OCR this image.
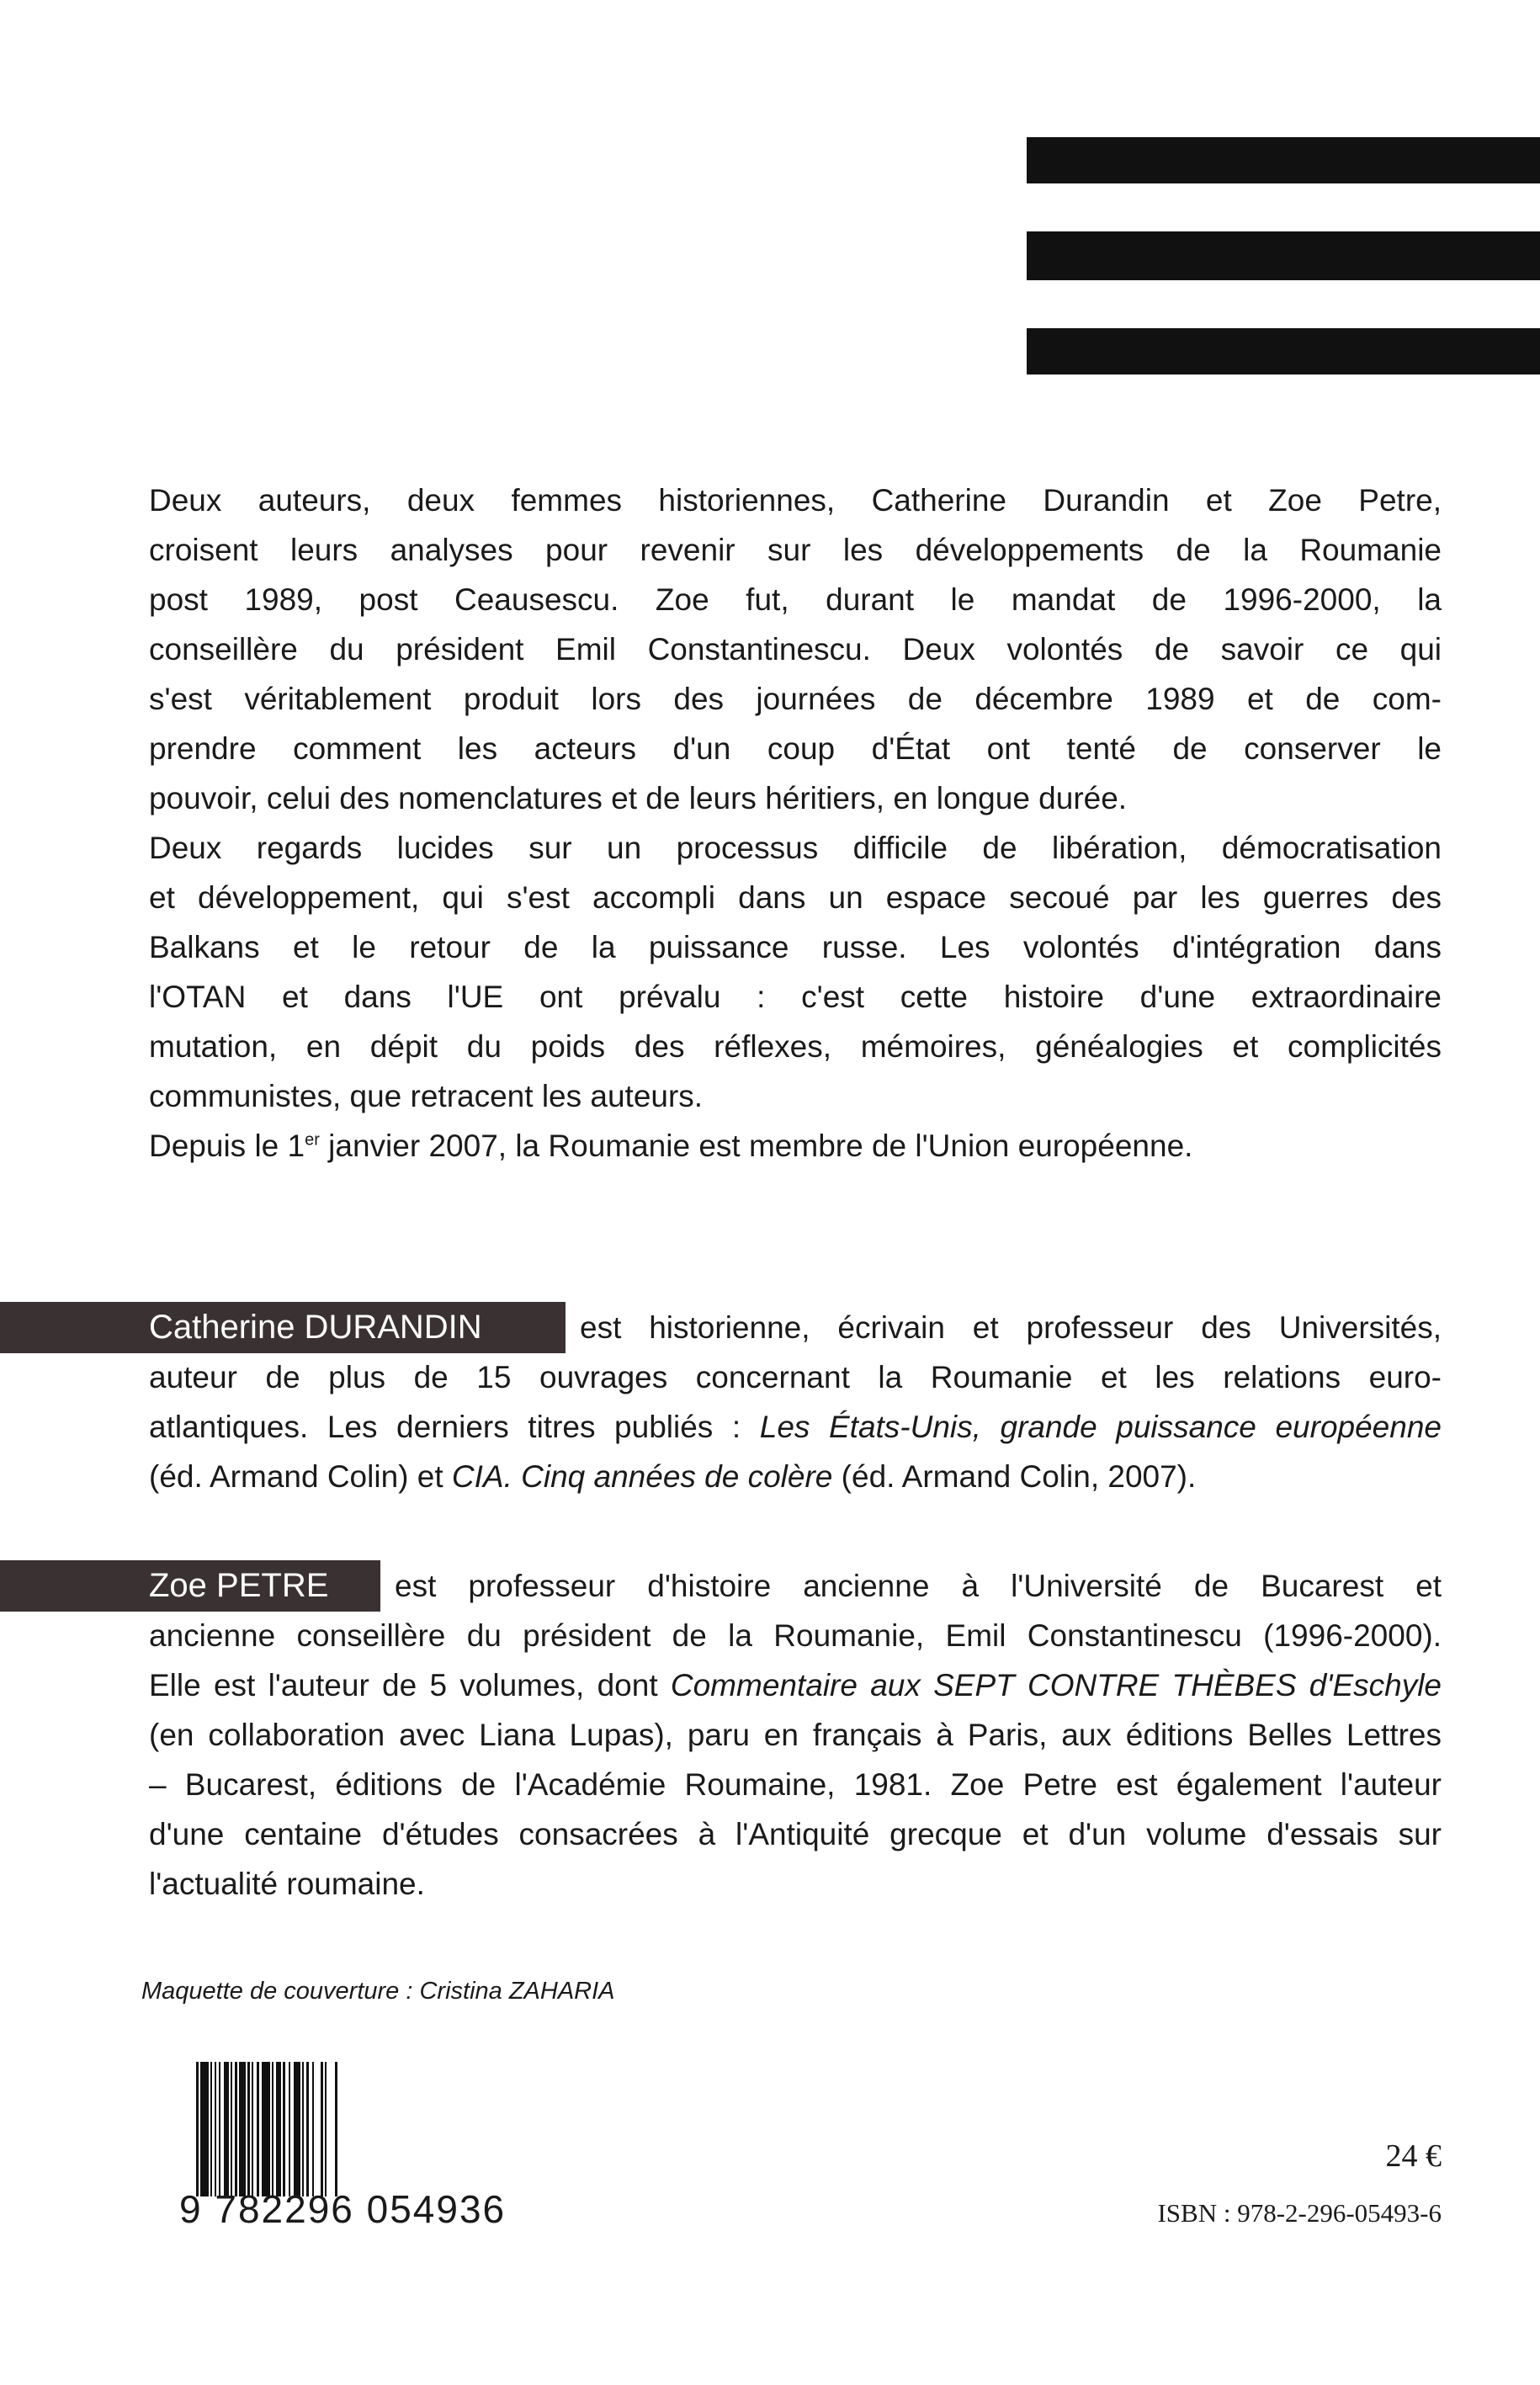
Deux auteurs, deux femmes historiennes, Catherine Durandin et Zoe Petre,
croisent leurs analyses pour revenir sur les développements de la Roumanie
post 1989, post Ceausescu. Zoe fut, durant le mandat de 1996-2000, la
conseillère du président Emil Constantinescu. Deux volontés de savoir ce qui
s'est véritablement produit lors des journées de décembre 1989 et de com-
prendre comment les acteurs d'un coup d'État ont tenté de conserver le
pouvoir, celui des nomenclatures et de leurs héritiers, en longue durée.
Deux regards lucides sur un processus difficile de libération, démocratisation
et développement, qui s'est accompli dans un espace secoué par les guerres des
Balkans et le retour de la puissance russe. Les volontés d'intégration dans
l'OTAN et dans l'UE ont prévalu : c'est cette histoire d'une extraordinaire
mutation, en dépit du poids des réflexes, mémoires, généalogies et complicités
communistes, que retracent les auteurs.
Depuis le 1er janvier 2007, la Roumanie est membre de l'Union européenne.
Catherine DURANDIN	est historienne, écrivain et professeur des Universités,
auteur de plus de 15 ouvrages concernant la Roumanie et les relations euro-
atlantiques. Les derniers titres publiés : Les États-Unis, grande puissance européenne
(éd. Armand Colin) et CIA. Cinq années de colère (éd. Armand Colin, 2007).
Zoe PETRE	est professeur d'histoire ancienne à l'Université de Bucarest et
ancienne conseillère du président de la Roumanie, Emil Constantinescu (1996-2000).
Elle est l'auteur de 5 volumes, dont Commentaire aux SEPT CONTRE THÈBES d'Eschyle
(en collaboration avec Liana Lupas), paru en français à Paris, aux éditions Belles Lettres
– Bucarest, éditions de l'Académie Roumaine, 1981. Zoe Petre est également l'auteur
d'une centaine d'études consacrées à l'Antiquité grecque et d'un volume d'essais sur
l'actualité roumaine.
Maquette de couverture : Cristina ZAHARIA
9 782296 054936
24 €
ISBN : 978-2-296-05493-6
